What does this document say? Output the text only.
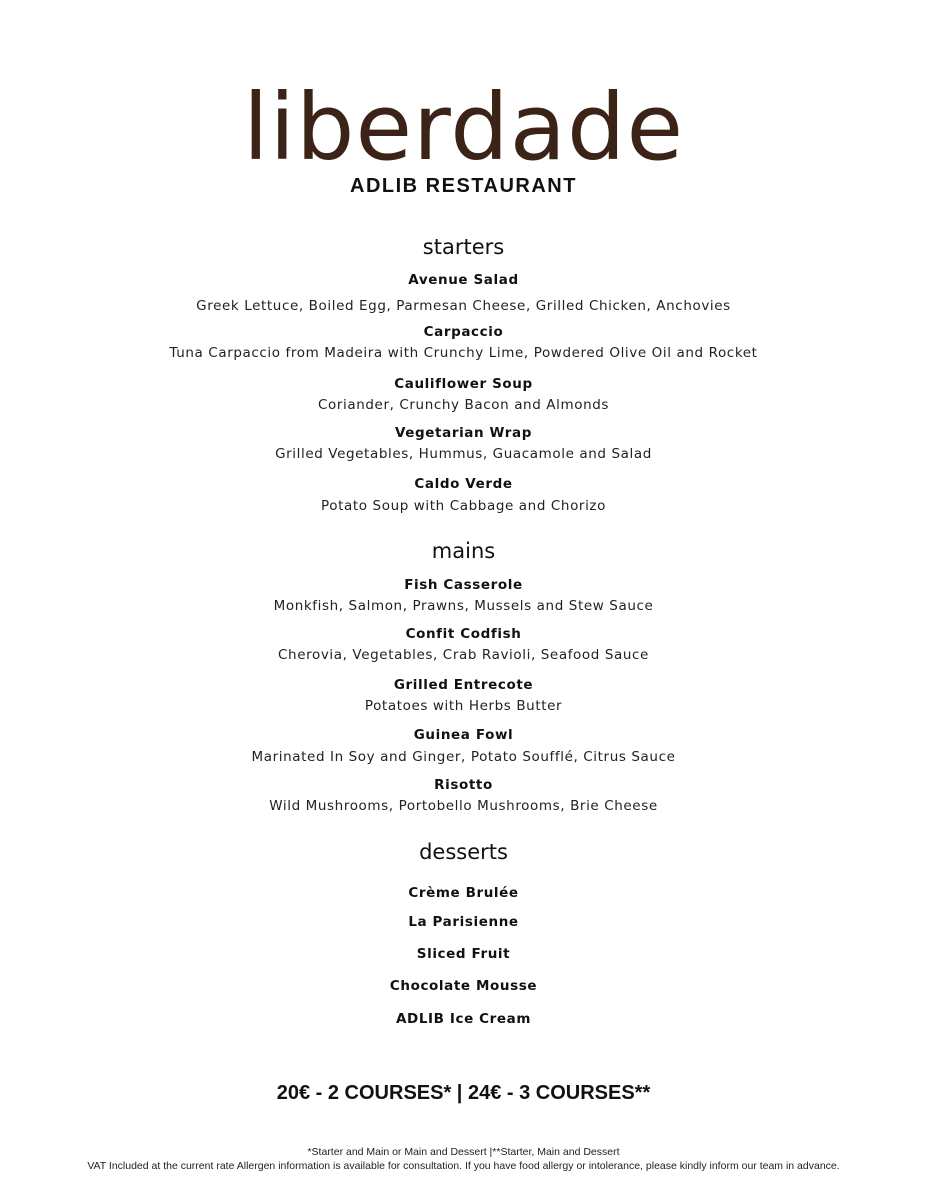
liberdade
ADLIB RESTAURANT
starters
Avenue Salad
Greek Lettuce, Boiled Egg, Parmesan Cheese, Grilled Chicken, Anchovies
Carpaccio
Tuna Carpaccio from Madeira with Crunchy Lime, Powdered Olive Oil and Rocket
Cauliflower Soup
Coriander, Crunchy Bacon and Almonds
Vegetarian Wrap
Grilled Vegetables, Hummus, Guacamole and Salad
Caldo Verde
Potato Soup with Cabbage and Chorizo
mains
Fish Casserole
Monkfish, Salmon, Prawns, Mussels and Stew Sauce
Confit Codfish
Cherovia, Vegetables, Crab Ravioli, Seafood Sauce
Grilled Entrecote
Potatoes with Herbs Butter
Guinea Fowl
Marinated In Soy and Ginger, Potato Soufflé, Citrus Sauce
Risotto
Wild Mushrooms, Portobello Mushrooms, Brie Cheese
desserts
Crème Brulée
La Parisienne
Sliced Fruit
Chocolate Mousse
ADLIB Ice Cream
20€ - 2 COURSES* | 24€ - 3 COURSES**
*Starter and Main or Main and Dessert |**Starter, Main and Dessert
VAT Included at the current rate Allergen information is available for consultation. If you have food allergy or intolerance, please kindly inform our team in advance.
